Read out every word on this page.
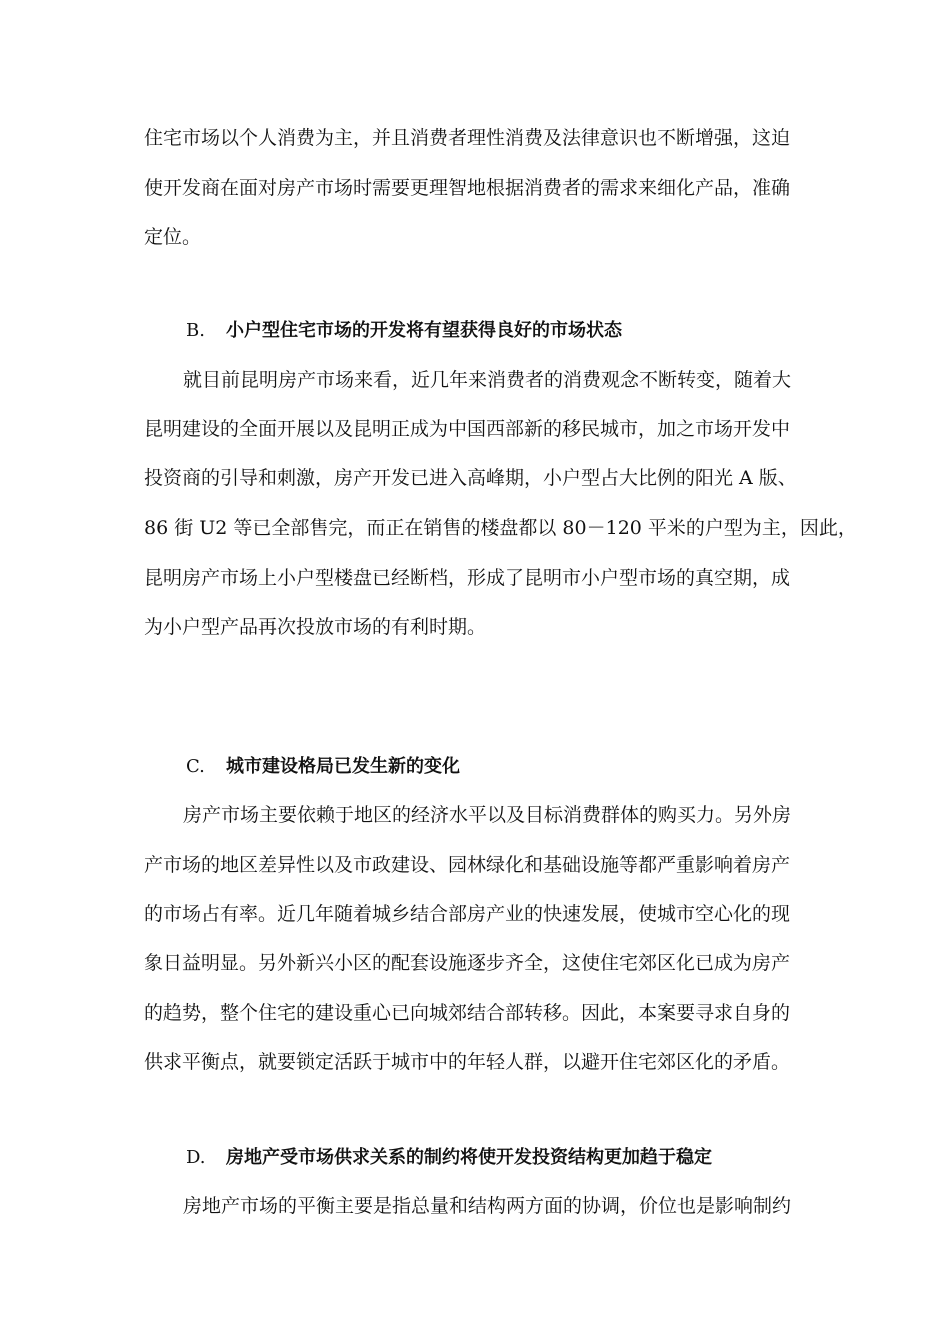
住宅市场以个人消费为主，并且消费者理性消费及法律意识也不断增强，这迫
使开发商在面对房产市场时需要更理智地根据消费者的需求来细化产品，准确
定位。
B. 小户型住宅市场的开发将有望获得良好的市场状态
就目前昆明房产市场来看，近几年来消费者的消费观念不断转变，随着大
昆明建设的全面开展以及昆明正成为中国西部新的移民城市，加之市场开发中
投资商的引导和刺激，房产开发已进入高峰期，小户型占大比例的阳光 A 版、
86 街 U2 等已全部售完，而正在销售的楼盘都以 80－120 平米的户型为主，因此，
昆明房产市场上小户型楼盘已经断档，形成了昆明市小户型市场的真空期，成
为小户型产品再次投放市场的有利时期。
C. 城市建设格局已发生新的变化
房产市场主要依赖于地区的经济水平以及目标消费群体的购买力。另外房
产市场的地区差异性以及市政建设、园林绿化和基础设施等都严重影响着房产
的市场占有率。近几年随着城乡结合部房产业的快速发展，使城市空心化的现
象日益明显。另外新兴小区的配套设施逐步齐全，这使住宅郊区化已成为房产
的趋势，整个住宅的建设重心已向城郊结合部转移。因此，本案要寻求自身的
供求平衡点，就要锁定活跃于城市中的年轻人群，以避开住宅郊区化的矛盾。
D. 房地产受市场供求关系的制约将使开发投资结构更加趋于稳定
房地产市场的平衡主要是指总量和结构两方面的协调，价位也是影响制约
